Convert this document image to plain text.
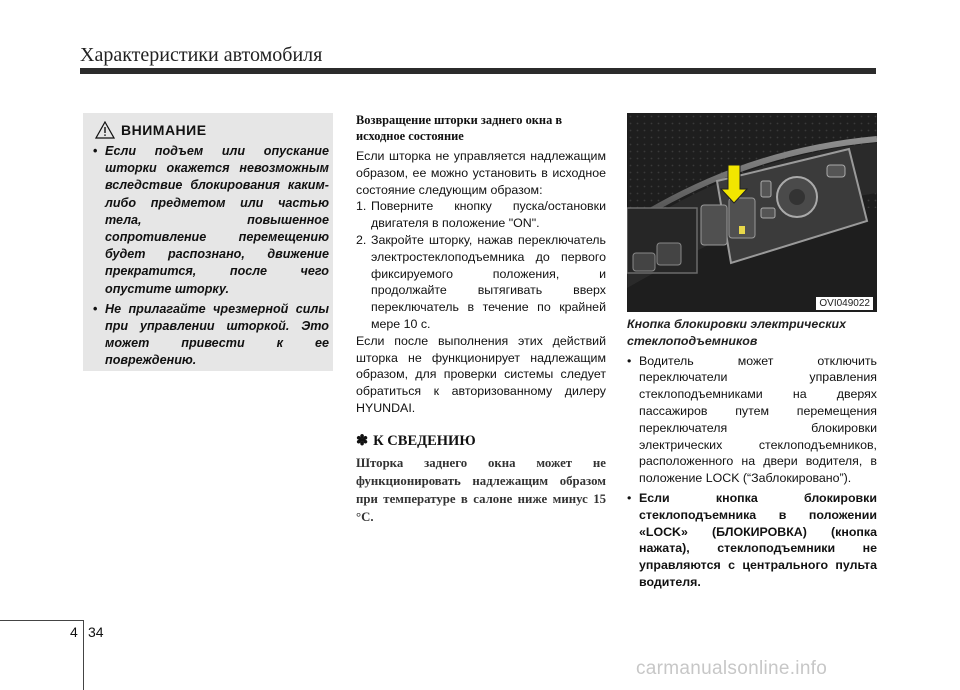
Характеристики автомобиля
ВНИМАНИЕ
• Если подъем или опускание шторки окажется невозможным вследствие блокирования каким-либо предметом или частью тела, повышенное сопротивление перемещению будет распознано, движение прекратится, после чего опустите шторку.
• Не прилагайте чрезмерной силы при управлении шторкой. Это может привести к ее повреждению.
Возвращение шторки заднего окна в исходное состояние

Если шторка не управляется надлежащим образом, ее можно установить в исходное состояние следующим образом:

1. Поверните кнопку пуска/остановки двигателя в положение "ON".
2. Закройте шторку, нажав переключатель электростеклоподъемника до первого фиксируемого положения, и продолжайте вытягивать вверх переключатель в течение по крайней мере 10 с.

Если после выполнения этих действий шторка не функционирует надлежащим образом, для проверки системы следует обратиться к авторизованному дилеру HYUNDAI.

✽ К СВЕДЕНИЮ
Шторка заднего окна может не функционировать надлежащим образом при температуре в салоне ниже минус 15 °С.
OVI049022
Кнопка блокировки электрических стеклоподъемников
• Водитель может отключить переключатели управления стеклоподъемниками на дверях пассажиров путем перемещения переключателя блокировки электрических стеклоподъемников, расположенного на двери водителя, в положение LOCK (“Заблокировано”).
• Если кнопка блокировки стеклоподъемника в положении «LOCK» (БЛОКИРОВКА) (кнопка нажата), стеклоподъемники не управляются с центрального пульта водителя.
4 34
carmanualsonline.info
